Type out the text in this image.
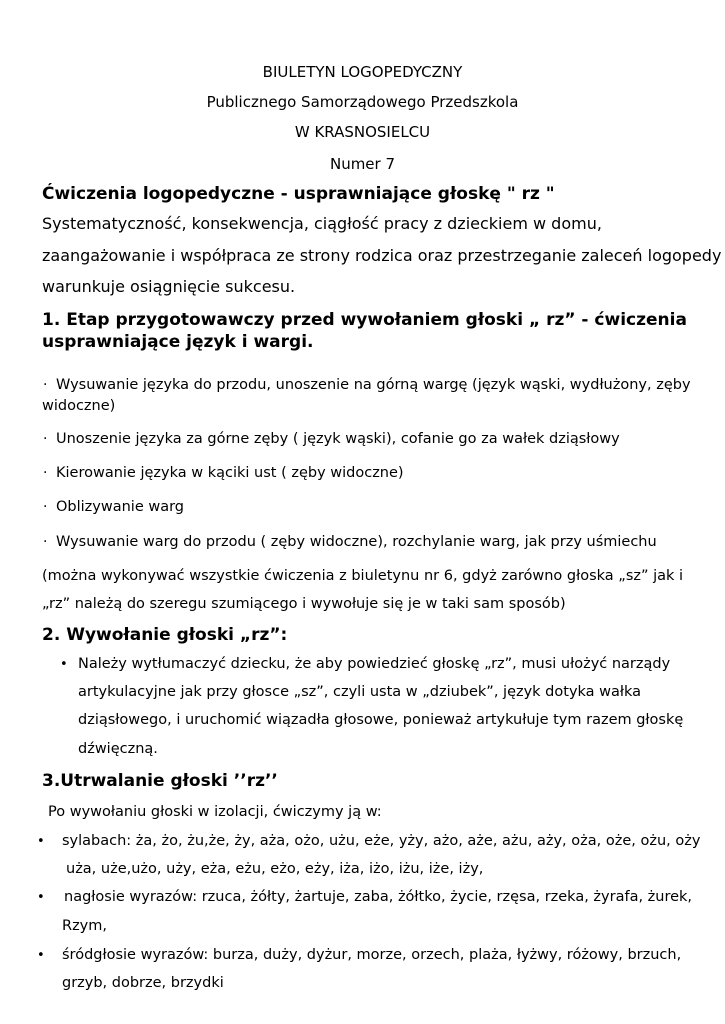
BIULETYN LOGOPEDYCZNY
Publicznego Samorządowego Przedszkola
W KRASNOSIELCU
Numer 7
Ćwiczenia logopedyczne - usprawniające głoskę " rz "
Systematyczność, konsekwencja, ciągłość pracy z dzieckiem w domu,
zaangażowanie i współpraca ze strony rodzica oraz przestrzeganie zaleceń logopedy
warunkuje osiągnięcie sukcesu.
1. Etap przygotowawczy przed wywołaniem głoski „ rz” - ćwiczenia
usprawniające język i wargi.
· Wysuwanie języka do przodu, unoszenie na górną wargę (język wąski, wydłużony, zęby
widoczne)
· Unoszenie języka za górne zęby ( język wąski), cofanie go za wałek dziąsłowy
· Kierowanie języka w kąciki ust ( zęby widoczne)
· Oblizywanie warg
· Wysuwanie warg do przodu ( zęby widoczne), rozchylanie warg, jak przy uśmiechu
(można wykonywać wszystkie ćwiczenia z biuletynu nr 6, gdyż zarówno głoska „sz” jak i
„rz” należą do szeregu szumiącego i wywołuje się je w taki sam sposób)
2. Wywołanie głoski „rz”:
• Należy wytłumaczyć dziecku, że aby powiedzieć głoskę „rz”, musi ułożyć narządy
artykulacyjne jak przy głosce „sz”, czyli usta w „dziubek”, język dotyka wałka
dziąsłowego, i uruchomić wiązadła głosowe, ponieważ artykułuje tym razem głoskę
dźwięczną.
3.Utrwalanie głoski ’’rz’’
Po wywołaniu głoski w izolacji, ćwiczymy ją w:
• sylabach: ża, żo, żu,że, ży, aża, ożo, użu, eże, yży, ażo, aże, ażu, aży, oża, oże, ożu, oży
uża, uże,użo, uży, eża, eżu, eżo, eży, iża, iżo, iżu, iże, iży,
• nagłosie wyrazów: rzuca, żółty, żartuje, zaba, żółtko, życie, rzęsa, rzeka, żyrafa, żurek,
Rzym,
• śródgłosie wyrazów: burza, duży, dyżur, morze, orzech, plaża, łyżwy, różowy, brzuch,
grzyb, dobrze, brzydki
